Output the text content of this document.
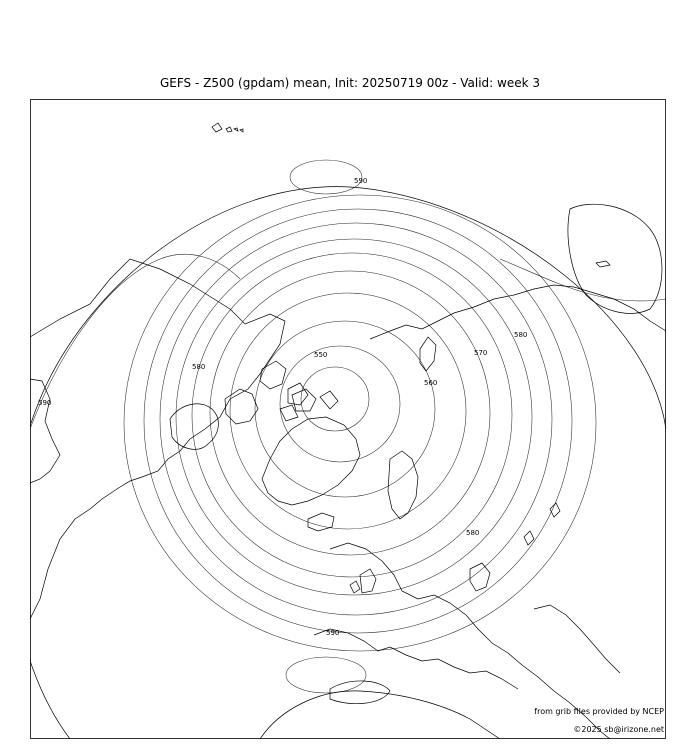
GEFS - Z500 (gpdam) mean, Init: 20250719 00z - Valid: week 3
550
560
570
580
580
580
590
590
590
from grib files provided by NCEP
©2025 sb@irizone.net
